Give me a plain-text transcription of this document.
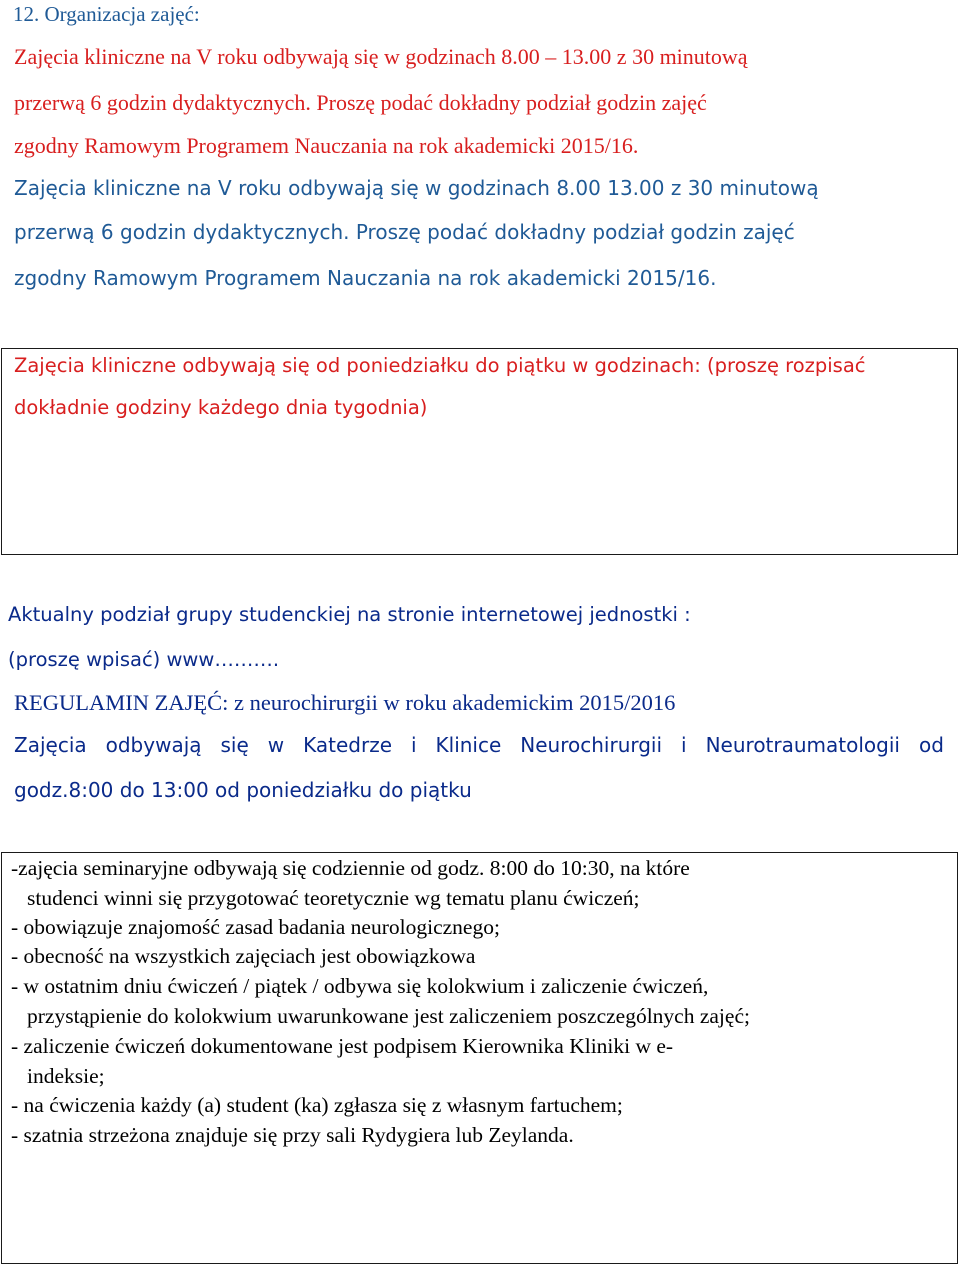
12. Organizacja zajęć:

Zajęcia kliniczne na V roku odbywają się w godzinach 8.00 – 13.00 z 30 minutową

przerwą 6 godzin dydaktycznych. Proszę podać dokładny podział godzin zajęć

zgodny Ramowym Programem Nauczania na rok akademicki 2015/16.

Zajęcia kliniczne na V roku odbywają się w godzinach 8.00 13.00 z 30 minutową

przerwą 6 godzin dydaktycznych. Proszę podać dokładny podział godzin zajęć

zgodny Ramowym Programem Nauczania na rok akademicki 2015/16.

Zajęcia kliniczne odbywają się od poniedziałku do piątku w godzinach: (proszę rozpisać

dokładnie godziny każdego dnia tygodnia)

Aktualny podział grupy studenckiej na stronie internetowej jednostki :

(proszę wpisać) www……….

REGULAMIN ZAJĘĆ: z neurochirurgii w roku akademickim 2015/2016

Zajęcia odbywają się w Katedrze i Klinice Neurochirurgii i Neurotraumatologii od

godz.8:00 do 13:00 od poniedziałku do piątku

-zajęcia seminaryjne odbywają się codziennie od godz. 8:00 do 10:30, na które

studenci winni się przygotować teoretycznie wg tematu planu ćwiczeń;

- obowiązuje znajomość zasad badania neurologicznego;

- obecność na wszystkich zajęciach jest obowiązkowa

- w ostatnim dniu ćwiczeń / piątek / odbywa się kolokwium i zaliczenie ćwiczeń,

przystąpienie do kolokwium uwarunkowane jest zaliczeniem poszczególnych zajęć;

- zaliczenie ćwiczeń dokumentowane jest podpisem Kierownika Kliniki w e-

indeksie;

- na ćwiczenia każdy (a) student (ka) zgłasza się z własnym fartuchem;

- szatnia strzeżona znajduje się przy sali Rydygiera lub Zeylanda.
